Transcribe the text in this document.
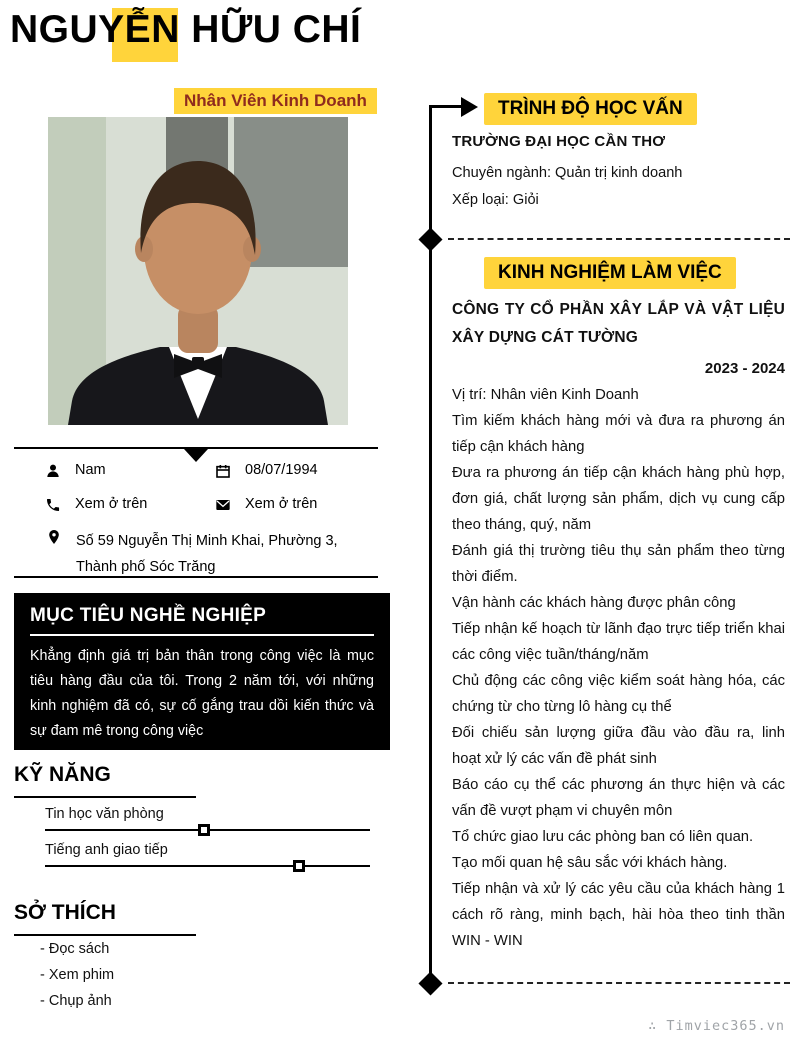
NGUYỄN HỮU CHÍ
Nhân Viên Kinh Doanh
Nam	08/07/1994
Xem ở trên	Xem ở trên
Số 59 Nguyễn Thị Minh Khai, Phường 3, Thành phố Sóc Trăng
MỤC TIÊU NGHỀ NGHIỆP

Khẳng định giá trị bản thân trong công việc là mục tiêu hàng đầu của tôi. Trong 2 năm tới, với những kinh nghiệm đã có, sự cố gắng trau dồi kiến thức và sự đam mê trong công việc

KỸ NĂNG
Tin học văn phòng
Tiếng anh giao tiếp
SỞ THÍCH
- Đọc sách
- Xem phim
- Chụp ảnh
TRÌNH ĐỘ HỌC VẤN
TRƯỜNG ĐẠI HỌC CẦN THƠ
Chuyên ngành: Quản trị kinh doanh
Xếp loại: Giỏi
KINH NGHIỆM LÀM VIỆC
CÔNG TY CỔ PHẦN XÂY LẮP VÀ VẬT LIỆU XÂY DỰNG CÁT TƯỜNG
2023 - 2024

Vị trí: Nhân viên Kinh Doanh

Tìm kiếm khách hàng mới và đưa ra phương án tiếp cận khách hàng

Đưa ra phương án tiếp cận khách hàng phù hợp, đơn giá, chất lượng sản phẩm, dịch vụ cung cấp theo tháng, quý, năm

Đánh giá thị trường tiêu thụ sản phẩm theo từng thời điểm.

Vận hành các khách hàng được phân công

Tiếp nhận kế hoạch từ lãnh đạo trực tiếp triển khai các công việc tuần/tháng/năm

Chủ động các công việc kiểm soát hàng hóa, các chứng từ cho từng lô hàng cụ thể

Đối chiếu sản lượng giữa đầu vào đầu ra, linh hoạt xử lý các vấn đề phát sinh

Báo cáo cụ thể các phương án thực hiện và các vấn đề vượt phạm vi chuyên môn

Tổ chức giao lưu các phòng ban có liên quan.

Tạo mối quan hệ sâu sắc với khách hàng.

Tiếp nhận và xử lý các yêu cầu của khách hàng 1 cách rõ ràng, minh bạch, hài hòa theo tinh thần WIN - WIN

∴ Timviec365.vn
